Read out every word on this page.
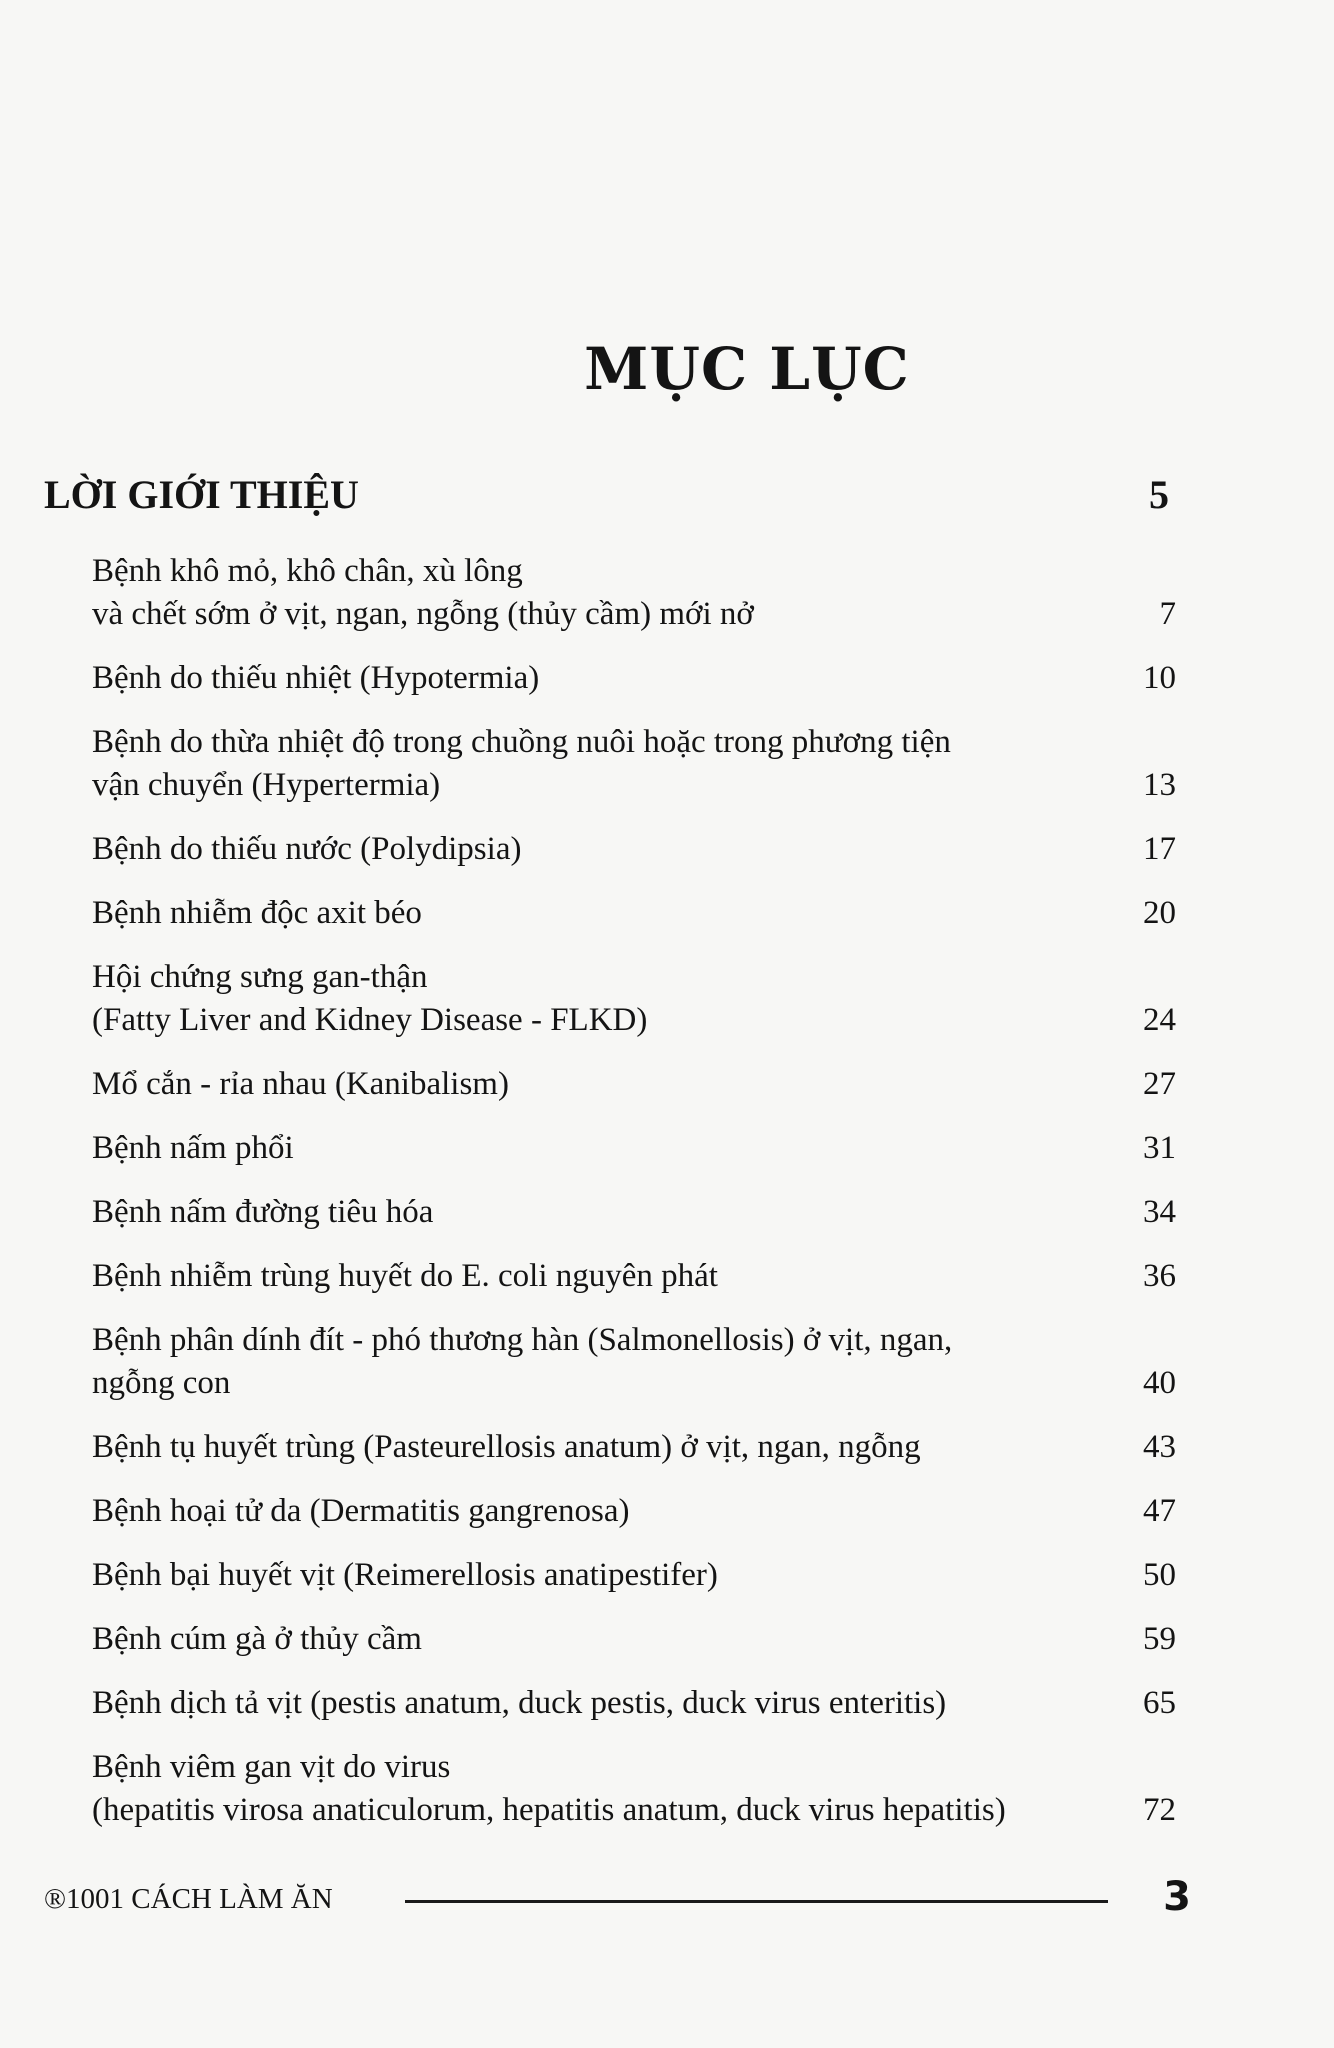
MỤC LỤC
LỜI GIỚI THIỆU	5
Bệnh khô mỏ, khô chân, xù lông
và chết sớm ở vịt, ngan, ngỗng (thủy cầm) mới nở	7
Bệnh do thiếu nhiệt (Hypotermia)	10
Bệnh do thừa nhiệt độ trong chuồng nuôi hoặc trong phương tiện
vận chuyển (Hypertermia)	13
Bệnh do thiếu nước (Polydipsia)	17
Bệnh nhiễm độc axit béo	20
Hội chứng sưng gan-thận
(Fatty Liver and Kidney Disease - FLKD)	24
Mổ cắn - rỉa nhau (Kanibalism)	27
Bệnh nấm phổi	31
Bệnh nấm đường tiêu hóa	34
Bệnh nhiễm trùng huyết do E. coli nguyên phát	36
Bệnh phân dính đít - phó thương hàn (Salmonellosis) ở vịt, ngan,
ngỗng con	40
Bệnh tụ huyết trùng (Pasteurellosis anatum) ở vịt, ngan, ngỗng	43
Bệnh hoại tử da (Dermatitis gangrenosa)	47
Bệnh bại huyết vịt (Reimerellosis anatipestifer)	50
Bệnh cúm gà ở thủy cầm	59
Bệnh dịch tả vịt (pestis anatum, duck pestis, duck virus enteritis)	65
Bệnh viêm gan vịt do virus
(hepatitis virosa anaticulorum, hepatitis anatum, duck virus hepatitis)	72
®1001 CÁCH LÀM ĂN	3
